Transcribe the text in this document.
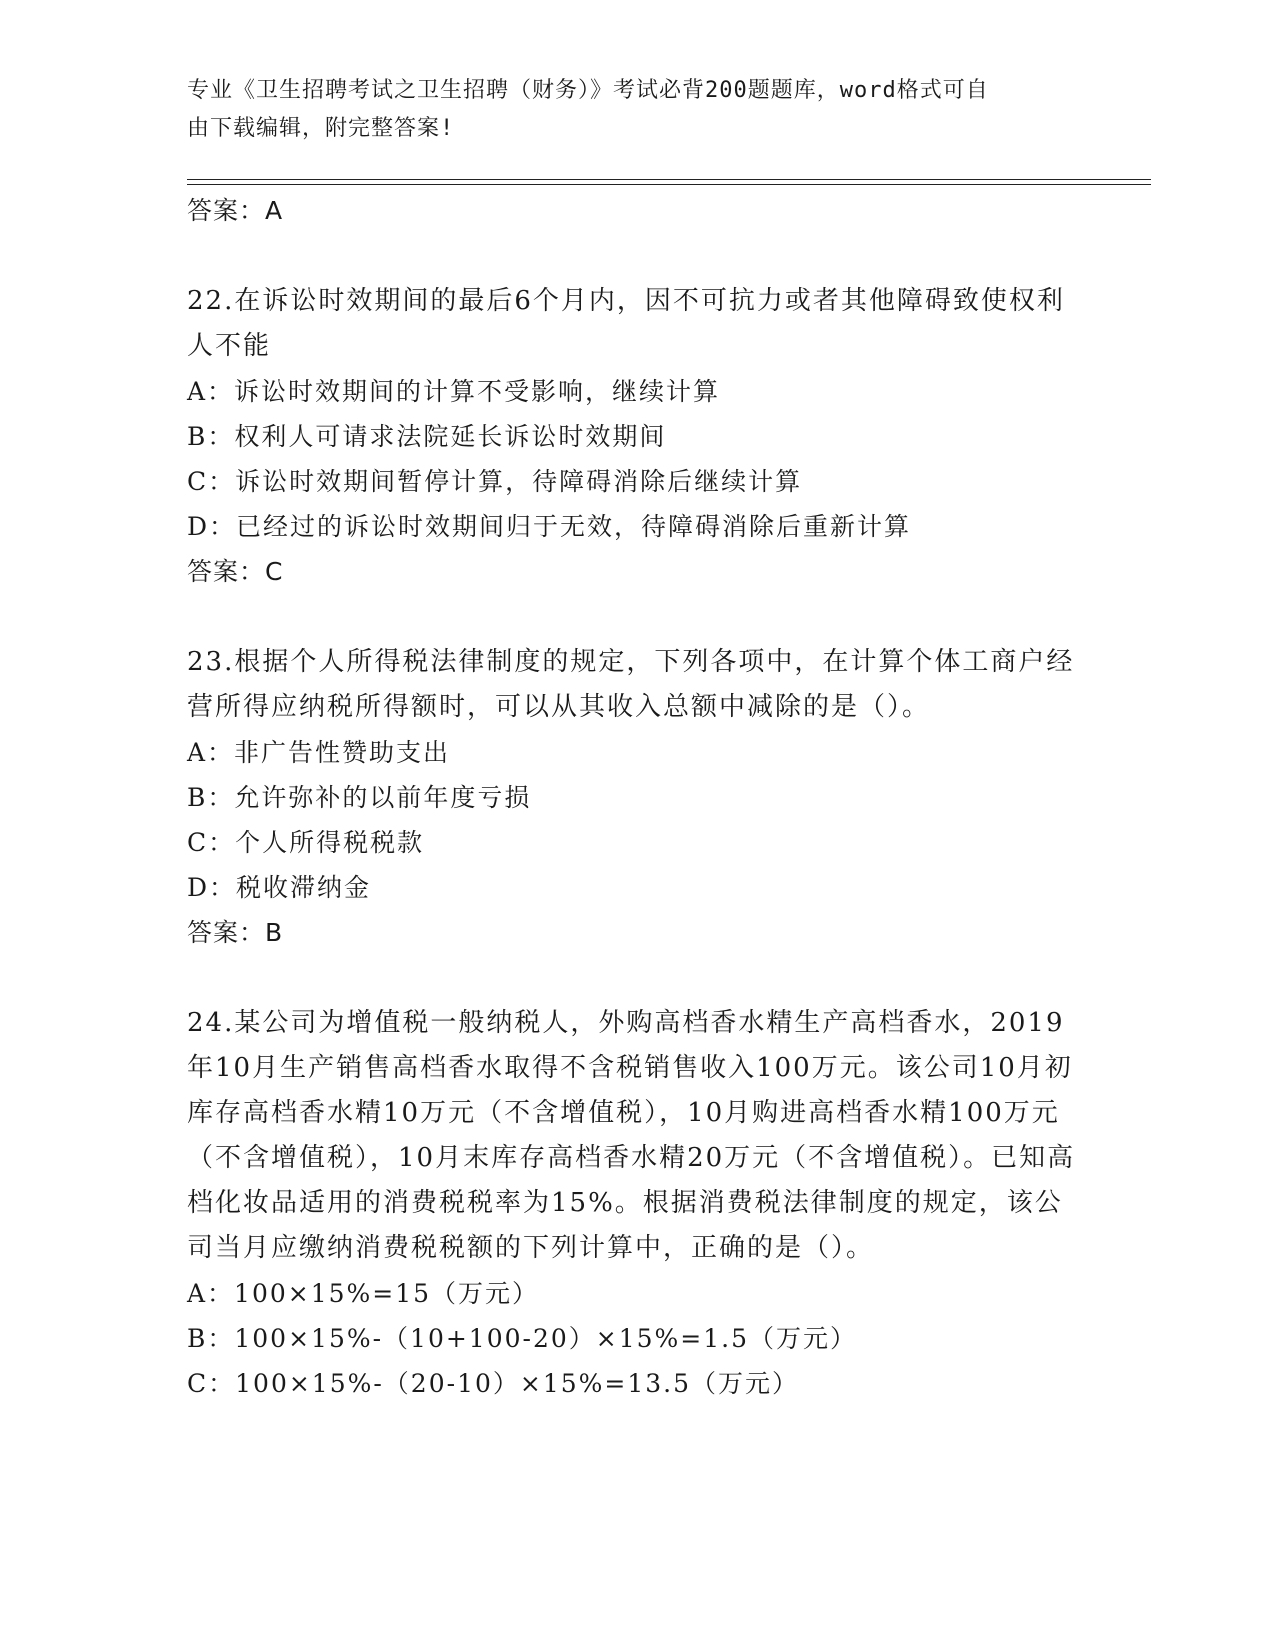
专业《卫生招聘考试之卫生招聘（财务）》考试必背200题题库，word格式可自
由下载编辑，附完整答案!

答案：A

22.在诉讼时效期间的最后6个月内，因不可抗力或者其他障碍致使权利人不能

A：诉讼时效期间的计算不受影响，继续计算

B：权利人可请求法院延长诉讼时效期间

C：诉讼时效期间暂停计算，待障碍消除后继续计算

D：已经过的诉讼时效期间归于无效，待障碍消除后重新计算

答案：C

23.根据个人所得税法律制度的规定，下列各项中，在计算个体工商户经营所得应纳税所得额时，可以从其收入总额中减除的是（）。

A：非广告性赞助支出

B：允许弥补的以前年度亏损

C：个人所得税税款

D：税收滞纳金

答案：B

24.某公司为增值税一般纳税人，外购高档香水精生产高档香水，2019年10月生产销售高档香水取得不含税销售收入100万元。该公司10月初库存高档香水精10万元（不含增值税），10月购进高档香水精100万元（不含增值税），10月末库存高档香水精20万元（不含增值税）。已知高档化妆品适用的消费税税率为15%。根据消费税法律制度的规定，该公司当月应缴纳消费税税额的下列计算中，正确的是（）。

A：100×15%=15（万元）

B：100×15%-（10+100-20）×15%=1.5（万元）

C：100×15%-（20-10）×15%=13.5（万元）
